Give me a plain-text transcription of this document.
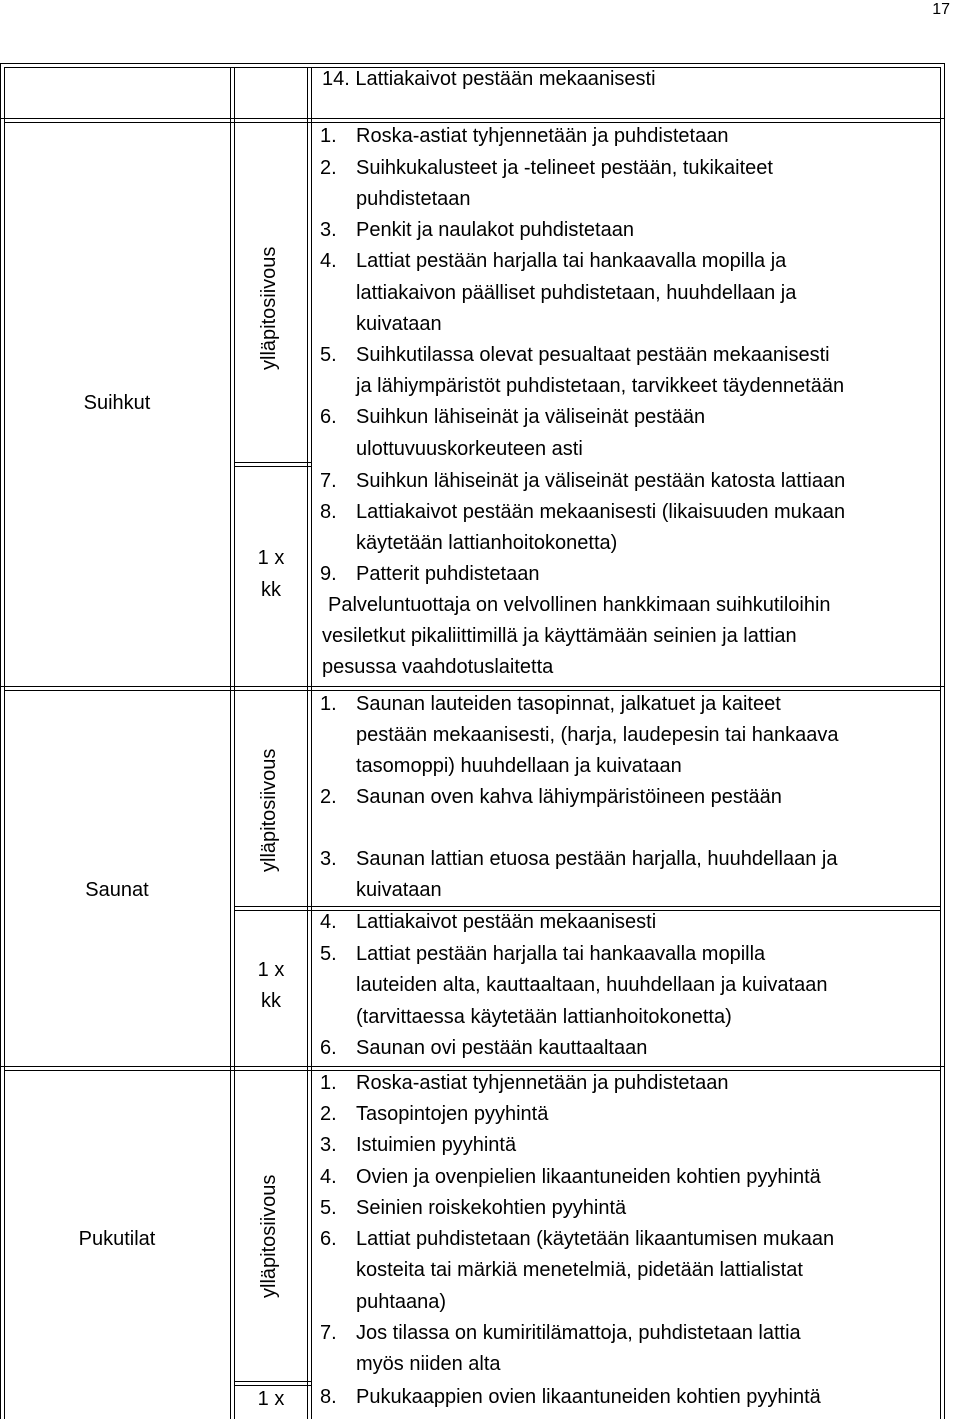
17
14. Lattiakaivot pestään mekaanisesti
Suihkut
ylläpitosiivous
1 x
kk
1. Roska-astiat tyhjennetään ja puhdistetaan
2. Suihkukalusteet ja -telineet pestään, tukikaiteet
puhdistetaan
3. Penkit ja naulakot puhdistetaan
4. Lattiat pestään harjalla tai hankaavalla mopilla ja
lattiakaivon päälliset puhdistetaan, huuhdellaan ja
kuivataan
5. Suihkutilassa olevat pesualtaat pestään mekaanisesti
ja lähiympäristöt puhdistetaan, tarvikkeet täydennetään
6. Suihkun lähiseinät ja väliseinät pestään
ulottuvuuskorkeuteen asti
7. Suihkun lähiseinät ja väliseinät pestään katosta lattiaan
8. Lattiakaivot pestään mekaanisesti (likaisuuden mukaan
käytetään lattianhoitokonetta)
9. Patterit puhdistetaan
Palveluntuottaja on velvollinen hankkimaan suihkutiloihin
vesiletkut pikaliittimillä ja käyttämään seinien ja lattian
pesussa vaahdotuslaitetta
Saunat
ylläpitosiivous
1 x
kk
1. Saunan lauteiden tasopinnat, jalkatuet ja kaiteet
pestään mekaanisesti, (harja, laudepesin tai hankaava
tasomoppi) huuhdellaan ja kuivataan
2. Saunan oven kahva lähiympäristöineen pestään
3. Saunan lattian etuosa pestään harjalla, huuhdellaan ja
kuivataan
4. Lattiakaivot pestään mekaanisesti
5. Lattiat pestään harjalla tai hankaavalla mopilla
lauteiden alta, kauttaaltaan, huuhdellaan ja kuivataan
(tarvittaessa käytetään lattianhoitokonetta)
6. Saunan ovi pestään kauttaaltaan
Pukutilat	ylläpitosiivous
1 x
1. Roska-astiat tyhjennetään ja puhdistetaan
2. Tasopintojen pyyhintä
3. Istuimien pyyhintä
4. Ovien ja ovenpielien likaantuneiden kohtien pyyhintä
5. Seinien roiskekohtien pyyhintä
6. Lattiat puhdistetaan (käytetään likaantumisen mukaan
kosteita tai märkiä menetelmiä, pidetään lattialistat
puhtaana)
7. Jos tilassa on kumiritilämattoja, puhdistetaan lattia
myös niiden alta
8. Pukukaappien ovien likaantuneiden kohtien pyyhintä
